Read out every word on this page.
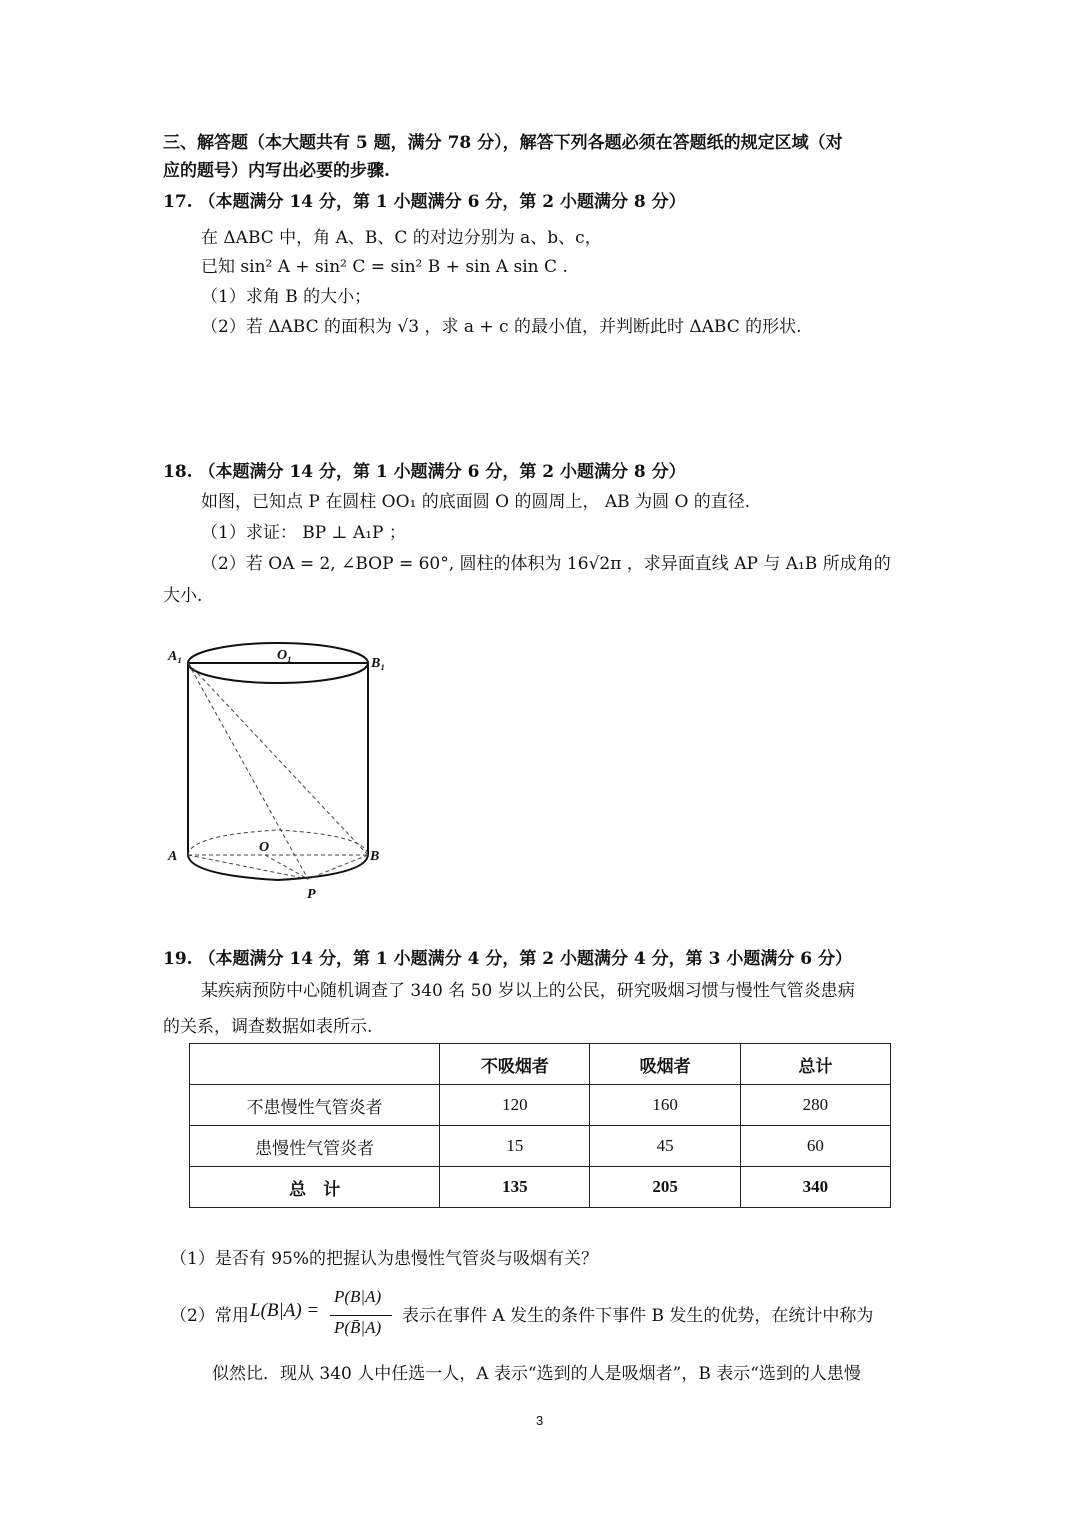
三、解答题（本大题共有 5 题，满分 78 分），解答下列各题必须在答题纸的规定区域（对
应的题号）内写出必要的步骤.
17. （本题满分 14 分，第 1 小题满分 6 分，第 2 小题满分 8 分）
在 ΔABC 中，角 A、B、C 的对边分别为 a、b、c，
已知 sin² A + sin² C = sin² B + sin A sin C .
（1）求角 B 的大小；
（2）若 ΔABC 的面积为 √3 ，求 a + c 的最小值，并判断此时 ΔABC 的形状.
18. （本题满分 14 分，第 1 小题满分 6 分，第 2 小题满分 8 分）
如图，已知点 P 在圆柱 OO₁ 的底面圆 O 的圆周上， AB 为圆 O 的直径.
（1）求证： BP ⊥ A₁P ；
（2）若 OA = 2, ∠BOP = 60°, 圆柱的体积为 16√2π ，求异面直线 AP 与 A₁B 所成角的
大小.
A₁	O₁
B₁
A
O
B
P
19. （本题满分 14 分，第 1 小题满分 4 分，第 2 小题满分 4 分，第 3 小题满分 6 分）
某疾病预防中心随机调查了 340 名 50 岁以上的公民，研究吸烟习惯与慢性气管炎患病
的关系，调查数据如表所示.
	不吸烟者	吸烟者	总计
不患慢性气管炎者	120	160	280
患慢性气管炎者	15	45	60
总　计	135	205	340
（1）是否有 95%的把握认为患慢性气管炎与吸烟有关？
（2）常用 L(B|A) =
P(B|A)
P(B̄|A)
表示在事件 A 发生的条件下事件 B 发生的优势，在统计中称为
似然比．现从 340 人中任选一人，A 表示“选到的人是吸烟者”，B 表示“选到的人患慢
3
